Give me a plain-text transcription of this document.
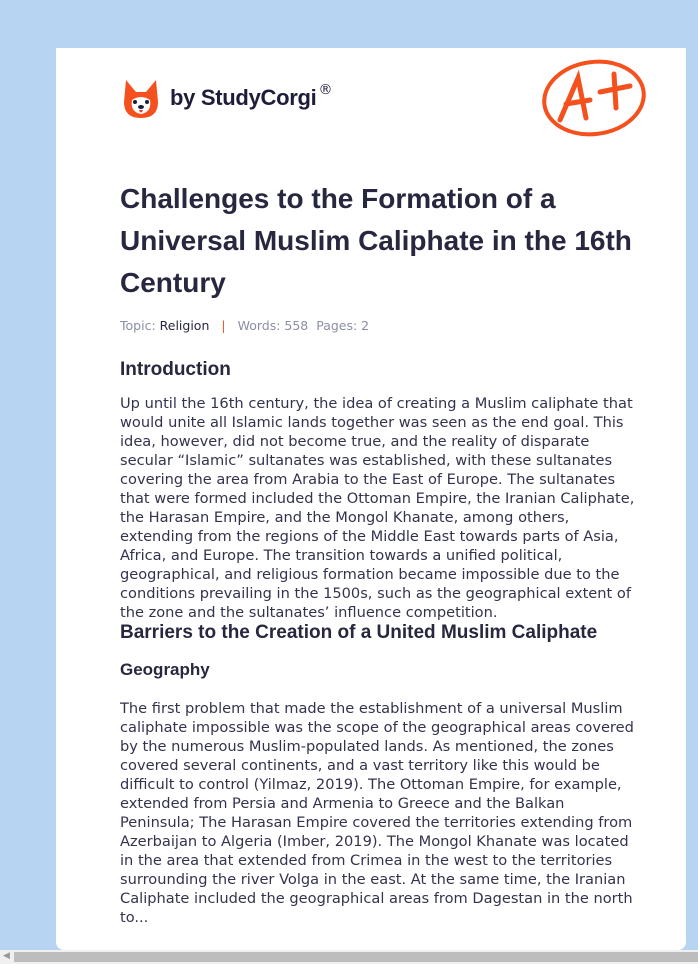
by StudyCorgi ®
Challenges to the Formation of a Universal Muslim Caliphate in the 16th Century
Topic: Religion | Words: 558 Pages: 2
Introduction

Up until the 16th century, the idea of creating a Muslim caliphate that would unite all Islamic lands together was seen as the end goal. This idea, however, did not become true, and the reality of disparate secular “Islamic” sultanates was established, with these sultanates covering the area from Arabia to the East of Europe. The sultanates that were formed included the Ottoman Empire, the Iranian Caliphate, the Harasan Empire, and the Mongol Khanate, among others, extending from the regions of the Middle East towards parts of Asia, Africa, and Europe. The transition towards a unified political, geographical, and religious formation became impossible due to the conditions prevailing in the 1500s, such as the geographical extent of the zone and the sultanates’ influence competition.

Barriers to the Creation of a United Muslim Caliphate
Geography

The first problem that made the establishment of a universal Muslim caliphate impossible was the scope of the geographical areas covered by the numerous Muslim-populated lands. As mentioned, the zones covered several continents, and a vast territory like this would be difficult to control (Yilmaz, 2019). The Ottoman Empire, for example, extended from Persia and Armenia to Greece and the Balkan Peninsula; The Harasan Empire covered the territories extending from Azerbaijan to Algeria (Imber, 2019). The Mongol Khanate was located in the area that extended from Crimea in the west to the territories surrounding the river Volga in the east. At the same time, the Iranian Caliphate included the geographical areas from Dagestan in the north to...

◀
